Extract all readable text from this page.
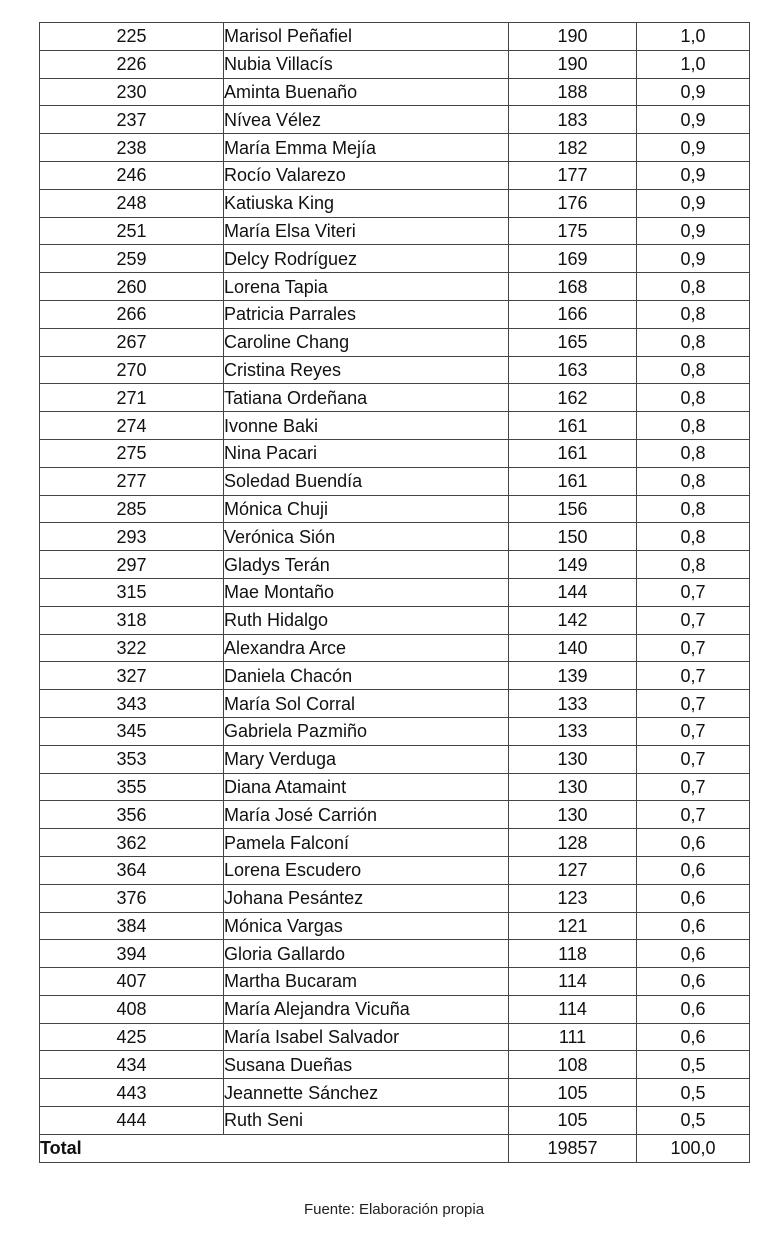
225	Marisol Peñafiel	190	1,0
226	Nubia Villacís	190	1,0
230	Aminta Buenaño	188	0,9
237	Nívea Vélez	183	0,9
238	María Emma Mejía	182	0,9
246	Rocío Valarezo	177	0,9
248	Katiuska King	176	0,9
251	María Elsa Viteri	175	0,9
259	Delcy Rodríguez	169	0,9
260	Lorena Tapia	168	0,8
266	Patricia Parrales	166	0,8
267	Caroline Chang	165	0,8
270	Cristina Reyes	163	0,8
271	Tatiana Ordeñana	162	0,8
274	Ivonne Baki	161	0,8
275	Nina Pacari	161	0,8
277	Soledad Buendía	161	0,8
285	Mónica Chuji	156	0,8
293	Verónica Sión	150	0,8
297	Gladys Terán	149	0,8
315	Mae Montaño	144	0,7
318	Ruth Hidalgo	142	0,7
322	Alexandra Arce	140	0,7
327	Daniela Chacón	139	0,7
343	María Sol Corral	133	0,7
345	Gabriela Pazmiño	133	0,7
353	Mary Verduga	130	0,7
355	Diana Atamaint	130	0,7
356	María José Carrión	130	0,7
362	Pamela Falconí	128	0,6
364	Lorena Escudero	127	0,6
376	Johana Pesántez	123	0,6
384	Mónica Vargas	121	0,6
394	Gloria Gallardo	118	0,6
407	Martha Bucaram	114	0,6
408	María Alejandra Vicuña	114	0,6
425	María Isabel Salvador	111	0,6
434	Susana Dueñas	108	0,5
443	Jeannette Sánchez	105	0,5
444	Ruth Seni	105	0,5
Total		19857	100,0
Fuente: Elaboración propia
